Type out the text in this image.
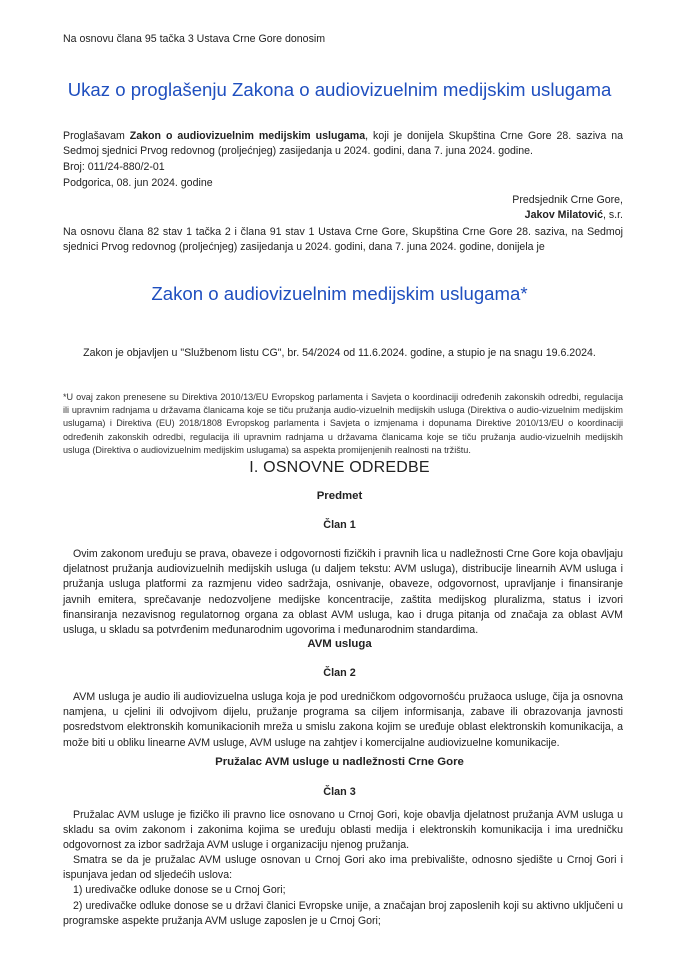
Na osnovu člana 95 tačka 3 Ustava Crne Gore donosim

Ukaz o proglašenju Zakona o audiovizuelnim medijskim uslugama

Proglašavam Zakon o audiovizuelnim medijskim uslugama, koji je donijela Skupština Crne Gore 28. saziva na Sedmoj sjednici Prvog redovnog (proljećnjeg) zasijedanja u 2024. godini, dana 7. juna 2024. godine.

Broj: 011/24-880/2-01

Podgorica, 08. jun 2024. godine

Predsjednik Crne Gore,

Jakov Milatović, s.r.

Na osnovu člana 82 stav 1 tačka 2 i člana 91 stav 1 Ustava Crne Gore, Skupština Crne Gore 28. saziva, na Sedmoj sjednici Prvog redovnog (proljećnjeg) zasijedanja u 2024. godini, dana 7. juna 2024. godine, donijela je

Zakon o audiovizuelnim medijskim uslugama*

Zakon je objavljen u "Službenom listu CG", br. 54/2024 od 11.6.2024. godine, a stupio je na snagu 19.6.2024.

*U ovaj zakon prenesene su Direktiva 2010/13/EU Evropskog parlamenta i Savjeta o koordinaciji određenih zakonskih odredbi, regulacija ili upravnim radnjama u državama članicama koje se tiču pružanja audio-vizuelnih medijskih usluga (Direktiva o audio-vizuelnim medijskim uslugama) i Direktiva (EU) 2018/1808 Evropskog parlamenta i Savjeta o izmjenama i dopunama Direktive 2010/13/EU o koordinaciji određenih zakonskih odredbi, regulacija ili upravnim radnjama u državama članicama koje se tiču pružanja audio-vizuelnih medijskih usluga (Direktiva o audiovizuelnim medijskim uslugama) sa aspekta promijenjenih realnosti na tržištu.

I. OSNOVNE ODREDBE

Predmet

Član 1

Ovim zakonom uređuju se prava, obaveze i odgovornosti fizičkih i pravnih lica u nadležnosti Crne Gore koja obavljaju djelatnost pružanja audiovizuelnih medijskih usluga (u daljem tekstu: AVM usluga), distribucije linearnih AVM usluga i pružanja usluga platformi za razmjenu video sadržaja, osnivanje, obaveze, odgovornost, upravljanje i finansiranje javnih emitera, sprečavanje nedozvoljene medijske koncentracije, zaštita medijskog pluralizma, status i izvori finansiranja nezavisnog regulatornog organa za oblast AVM usluga, kao i druga pitanja od značaja za oblast AVM usluga, u skladu sa potvrđenim međunarodnim ugovorima i međunarodnim standardima.

AVM usluga

Član 2

AVM usluga je audio ili audiovizuelna usluga koja je pod uredničkom odgovornošću pružaoca usluge, čija ja osnovna namjena, u cjelini ili odvojivom dijelu, pružanje programa sa ciljem informisanja, zabave ili obrazovanja javnosti posredstvom elektronskih komunikacionih mreža u smislu zakona kojim se uređuje oblast elektronskih komunikacija, a može biti u obliku linearne AVM usluge, AVM usluge na zahtjev i komercijalne audiovizuelne komunikacije.

Pružalac AVM usluge u nadležnosti Crne Gore

Član 3

Pružalac AVM usluge je fizičko ili pravno lice osnovano u Crnoj Gori, koje obavlja djelatnost pružanja AVM usluga u skladu sa ovim zakonom i zakonima kojima se uređuju oblasti medija i elektronskih komunikacija i ima uredničku odgovornost za izbor sadržaja AVM usluge i organizaciju njenog pružanja.

Smatra se da je pružalac AVM usluge osnovan u Crnoj Gori ako ima prebivalište, odnosno sjedište u Crnoj Gori i ispunjava jedan od sljedećih uslova:

1) uredivačke odluke donose se u Crnoj Gori;

2) uredivačke odluke donose se u državi članici Evropske unije, a značajan broj zaposlenih koji su aktivno uključeni u programske aspekte pružanja AVM usluge zaposlen je u Crnoj Gori;
